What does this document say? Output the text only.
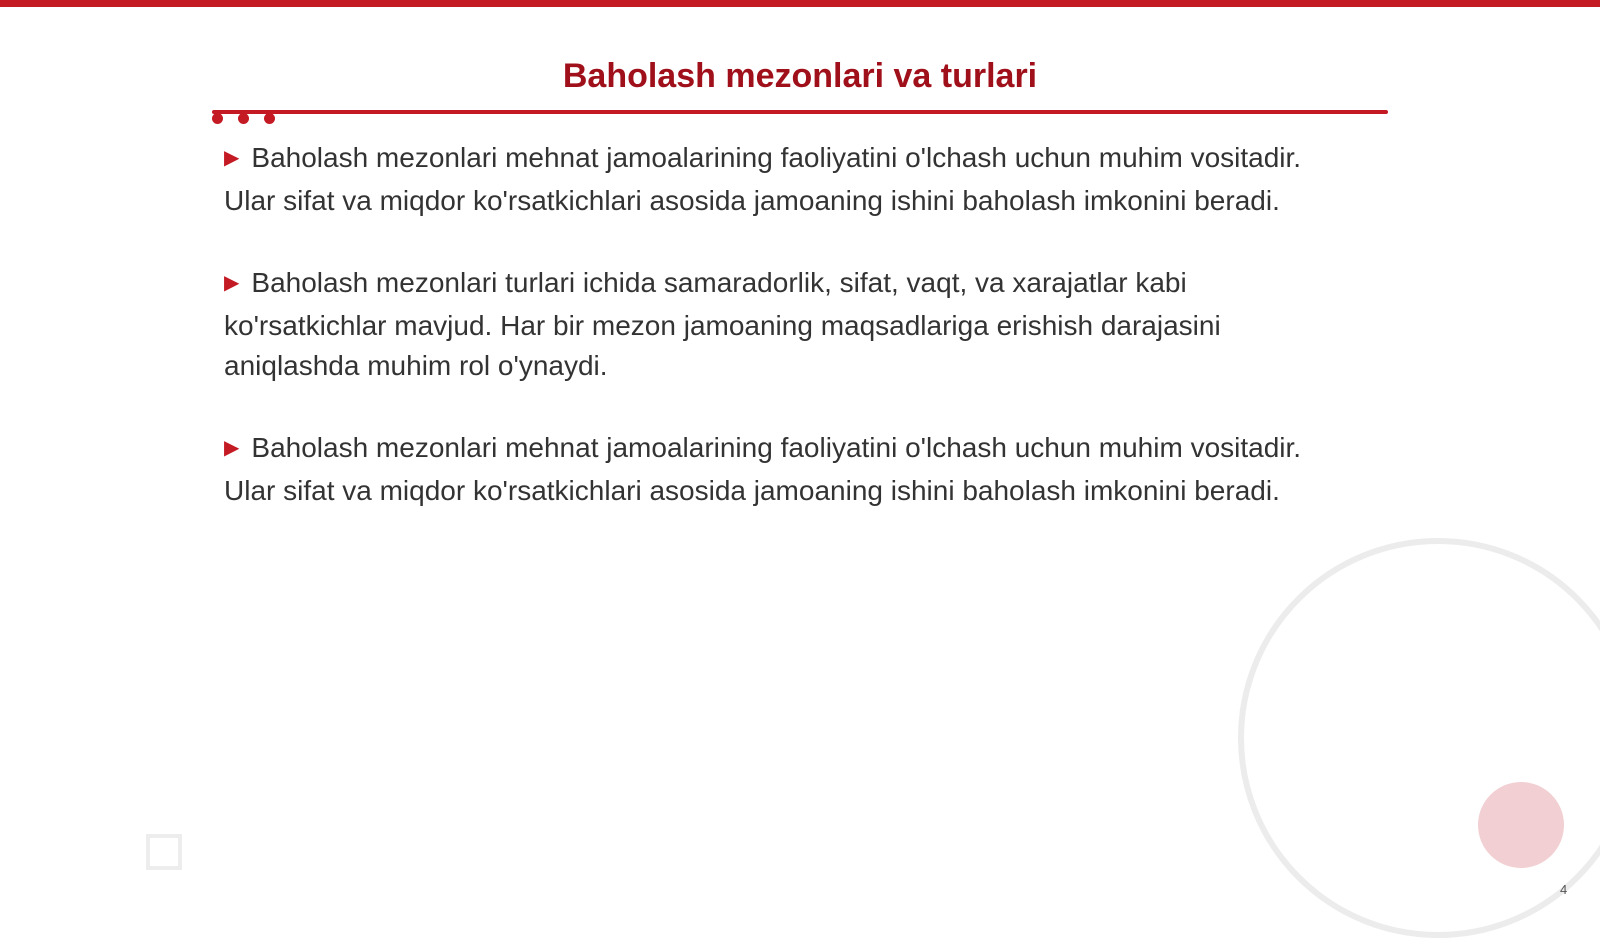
Baholash mezonlari va turlari

▶ Baholash mezonlari mehnat jamoalarining faoliyatini o'lchash uchun muhim vositadir. Ular sifat va miqdor ko'rsatkichlari asosida jamoaning ishini baholash imkonini beradi.

▶ Baholash mezonlari turlari ichida samaradorlik, sifat, vaqt, va xarajatlar kabi ko'rsatkichlar mavjud. Har bir mezon jamoaning maqsadlariga erishish darajasini aniqlashda muhim rol o'ynaydi.

▶ Baholash mezonlari mehnat jamoalarining faoliyatini o'lchash uchun muhim vositadir. Ular sifat va miqdor ko'rsatkichlari asosida jamoaning ishini baholash imkonini beradi.

4
